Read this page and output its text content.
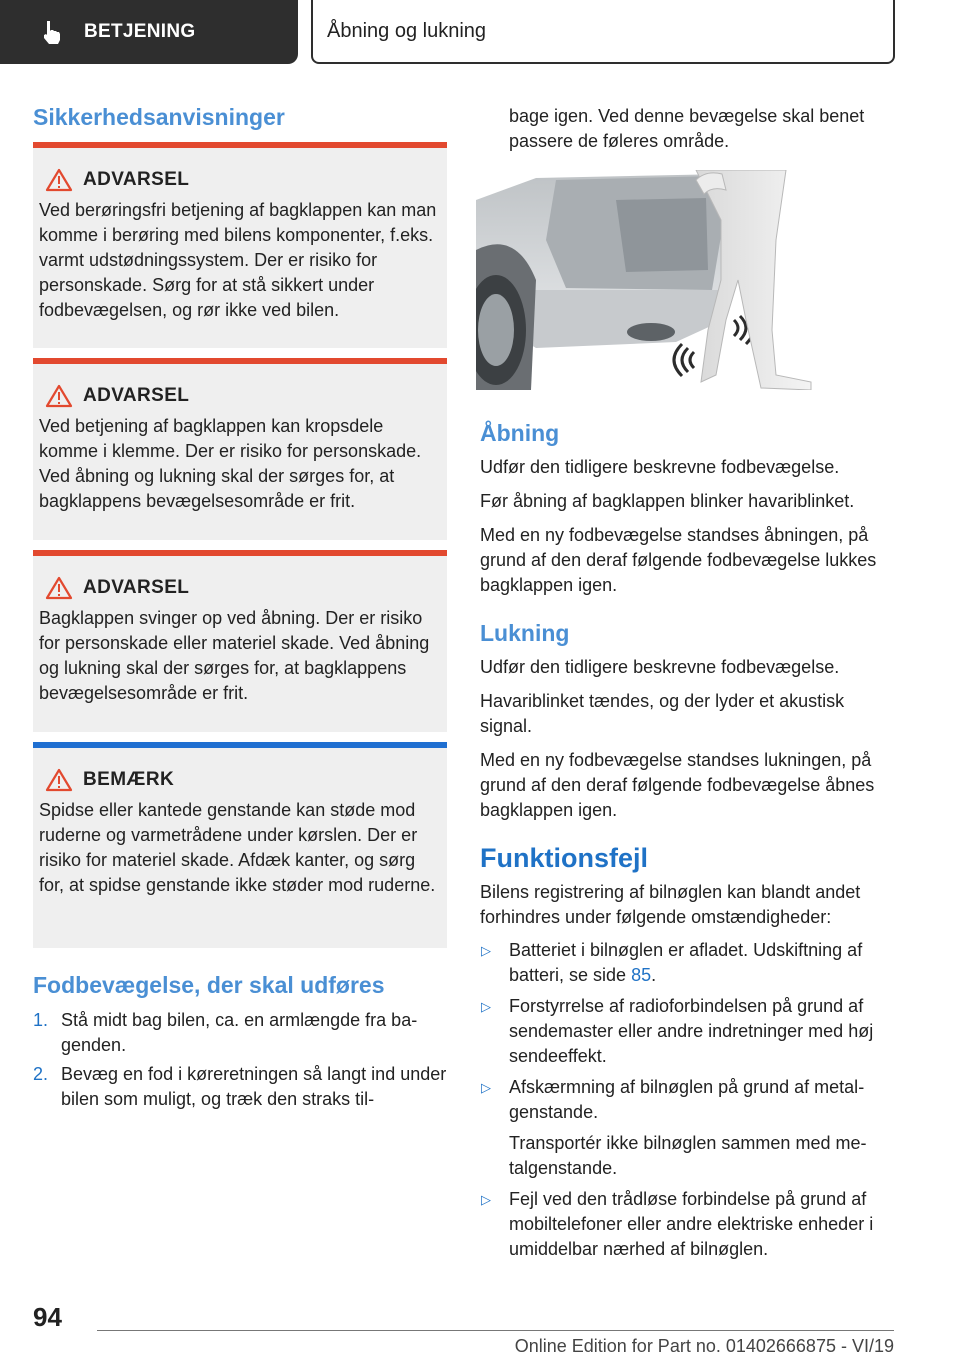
BETJENING	Åbning og lukning
Sikkerhedsanvisninger
ADVARSEL

Ved berøringsfri betjening af bagklappen kan man komme i berøring med bilens komponenter, f.eks. varmt udstødningssystem. Der er risiko for personskade. Sørg for at stå sikkert under fodbevægelsen, og rør ikke ved bilen.

ADVARSEL

Ved betjening af bagklappen kan kropsdele komme i klemme. Der er risiko for personskade. Ved åbning og lukning skal der sørges for, at bagklappens bevægelsesområde er frit.

ADVARSEL

Bagklappen svinger op ved åbning. Der er risiko for personskade eller materiel skade. Ved åbning og lukning skal der sørges for, at bagklappens bevægelsesområde er frit.

BEMÆRK

Spidse eller kantede genstande kan støde mod ruderne og varmetrådene under kørslen. Der er risiko for materiel skade. Afdæk kanter, og sørg for, at spidse genstande ikke støder mod ruderne.

Fodbevægelse, der skal udføres
1. Stå midt bag bilen, ca. en armlængde fra bagenden.
2. Bevæg en fod i køreretningen så langt ind under bilen som muligt, og træk den straks til-

bage igen. Ved denne bevægelse skal benet passere de føleres område.

Åbning

Udfør den tidligere beskrevne fodbevægelse.

Før åbning af bagklappen blinker havariblinket.

Med en ny fodbevægelse standses åbningen, på grund af den deraf følgende fodbevægelse lukkes bagklappen igen.

Lukning

Udfør den tidligere beskrevne fodbevægelse.

Havariblinket tændes, og der lyder et akustisk signal.

Med en ny fodbevægelse standses lukningen, på grund af den deraf følgende fodbevægelse åbnes bagklappen igen.

Funktionsfejl

Bilens registrering af bilnøglen kan blandt andet forhindres under følgende omstændigheder:

▷	Batteriet i bilnøglen er afladet. Udskiftning af batteri, se side 85.
▷	Forstyrrelse af radioforbindelsen på grund af sendemaster eller andre indretninger med høj sendeeffekt.
▷	Afskærmning af bilnøglen på grund af metalgenstande.
Transportér ikke bilnøglen sammen med metalgenstande.
▷	Fejl ved den trådløse forbindelse på grund af mobiltelefoner eller andre elektriske enheder i umiddelbar nærhed af bilnøglen.
94
Online Edition for Part no. 01402666875 - VI/19
